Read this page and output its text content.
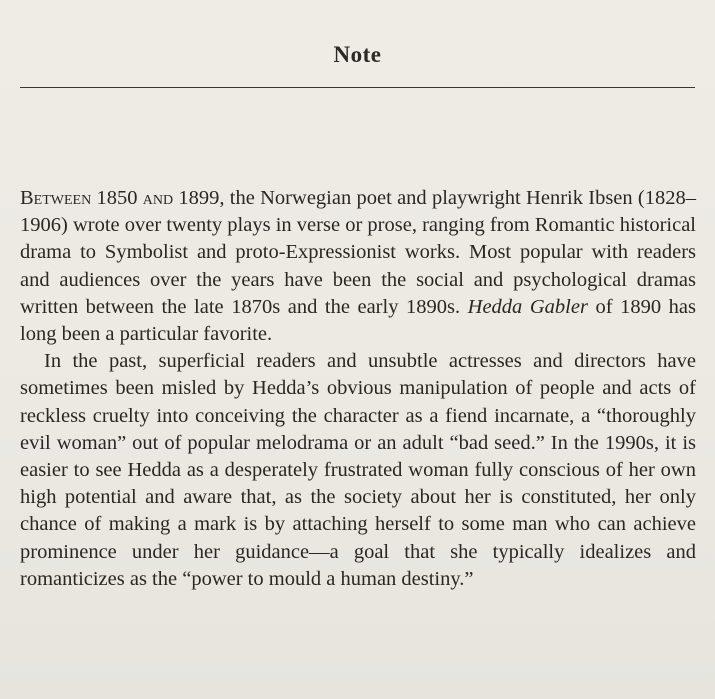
Note

Between 1850 and 1899, the Norwegian poet and playwright Henrik Ibsen (1828–1906) wrote over twenty plays in verse or prose, ranging from Romantic historical drama to Symbolist and proto-Expressionist works. Most popular with readers and audiences over the years have been the social and psychological dramas written between the late 1870s and the early 1890s. Hedda Gabler of 1890 has long been a particular favorite.

In the past, superficial readers and unsubtle actresses and directors have sometimes been misled by Hedda’s obvious manipulation of people and acts of reckless cruelty into conceiving the character as a fiend incarnate, a “thoroughly evil woman” out of popular melodrama or an adult “bad seed.” In the 1990s, it is easier to see Hedda as a desperately frustrated woman fully conscious of her own high potential and aware that, as the society about her is constituted, her only chance of making a mark is by attaching herself to some man who can achieve prominence under her guidance—a goal that she typically idealizes and romanticizes as the “power to mould a human destiny.”
